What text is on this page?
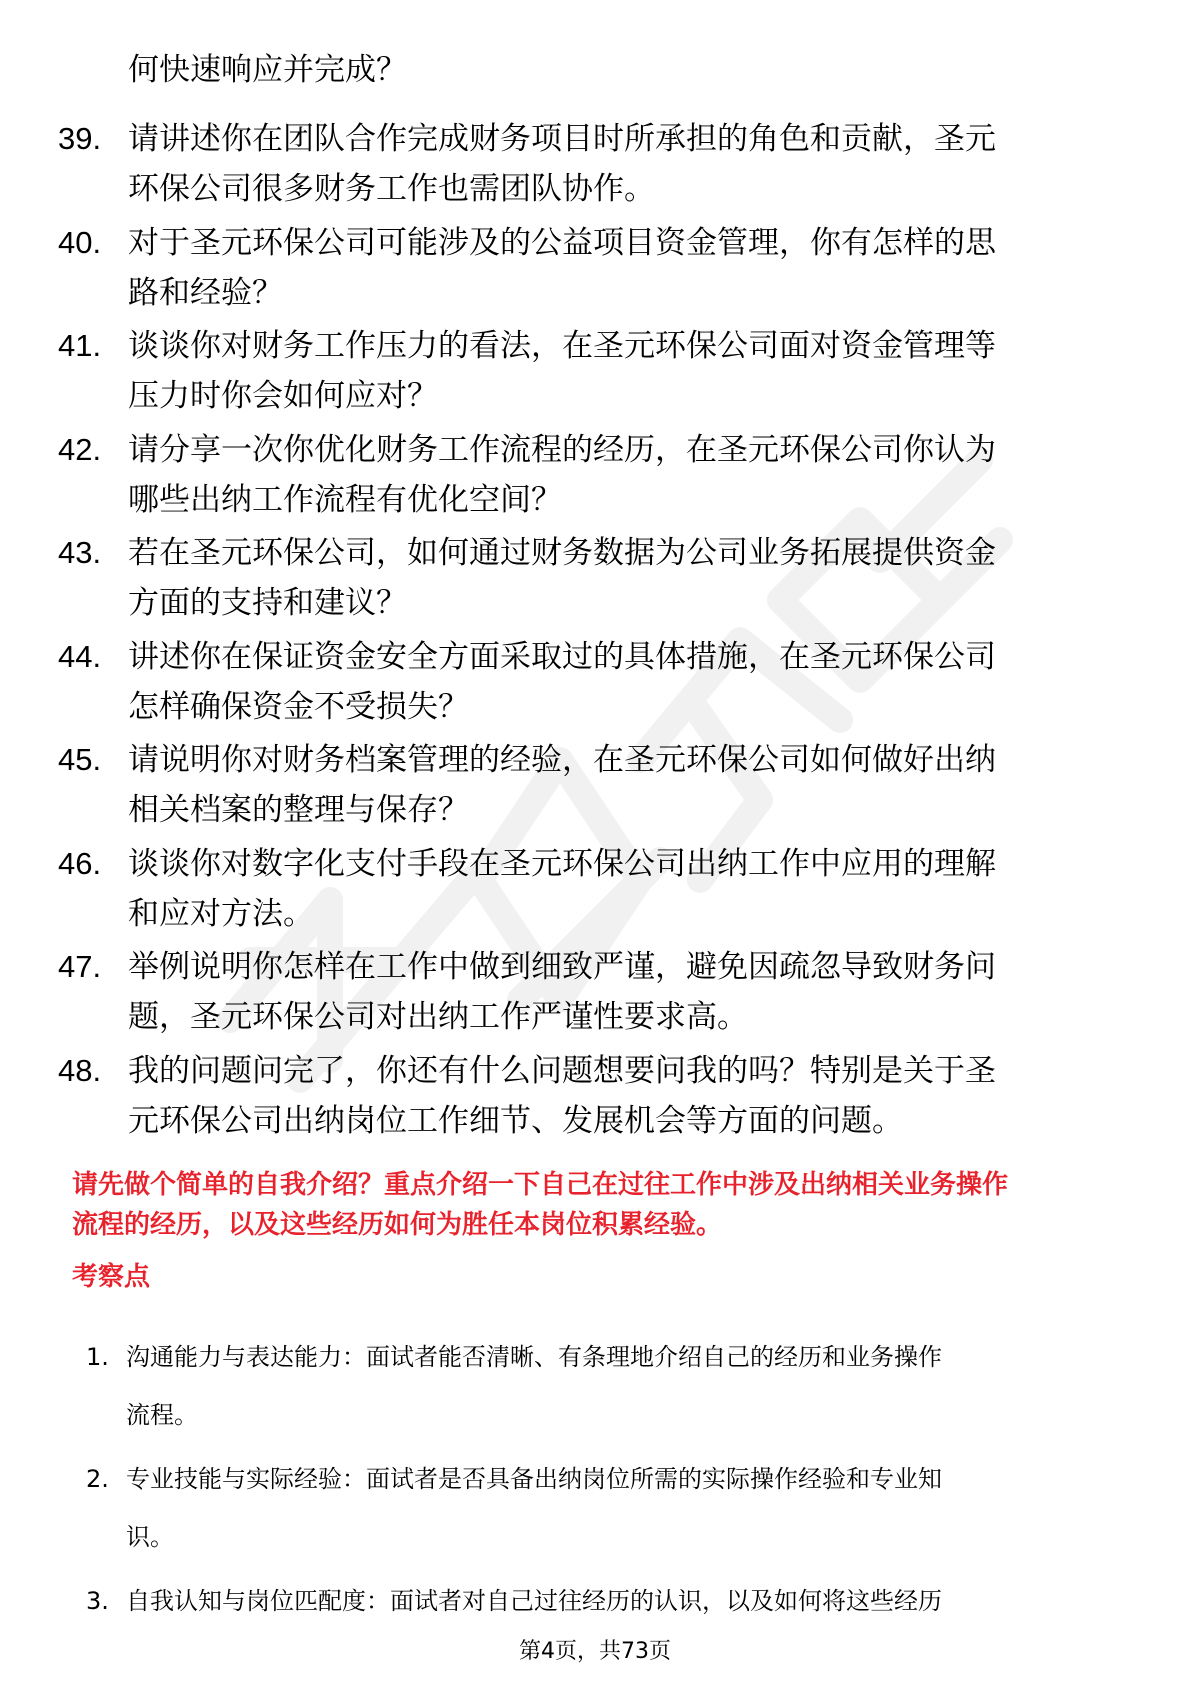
何快速响应并完成？
39. 请讲述你在团队合作完成财务项目时所承担的角色和贡献，圣元
环保公司很多财务工作也需团队协作。
40. 对于圣元环保公司可能涉及的公益项目资金管理，你有怎样的思
路和经验？
41. 谈谈你对财务工作压力的看法，在圣元环保公司面对资金管理等
压力时你会如何应对？
42. 请分享一次你优化财务工作流程的经历，在圣元环保公司你认为
哪些出纳工作流程有优化空间？
43. 若在圣元环保公司，如何通过财务数据为公司业务拓展提供资金
方面的支持和建议？
44. 讲述你在保证资金安全方面采取过的具体措施，在圣元环保公司
怎样确保资金不受损失？
45. 请说明你对财务档案管理的经验，在圣元环保公司如何做好出纳
相关档案的整理与保存？
46. 谈谈你对数字化支付手段在圣元环保公司出纳工作中应用的理解
和应对方法。
47. 举例说明你怎样在工作中做到细致严谨，避免因疏忽导致财务问
题，圣元环保公司对出纳工作严谨性要求高。
48. 我的问题问完了，你还有什么问题想要问我的吗？特别是关于圣
元环保公司出纳岗位工作细节、发展机会等方面的问题。
请先做个简单的自我介绍？重点介绍一下自己在过往工作中涉及出纳相关业务操作
流程的经历，以及这些经历如何为胜任本岗位积累经验。
考察点
1. 沟通能力与表达能力：面试者能否清晰、有条理地介绍自己的经历和业务操作
流程。
2. 专业技能与实际经验：面试者是否具备出纳岗位所需的实际操作经验和专业知
识。
3. 自我认知与岗位匹配度：面试者对自己过往经历的认识，以及如何将这些经历
第4页，共73页
